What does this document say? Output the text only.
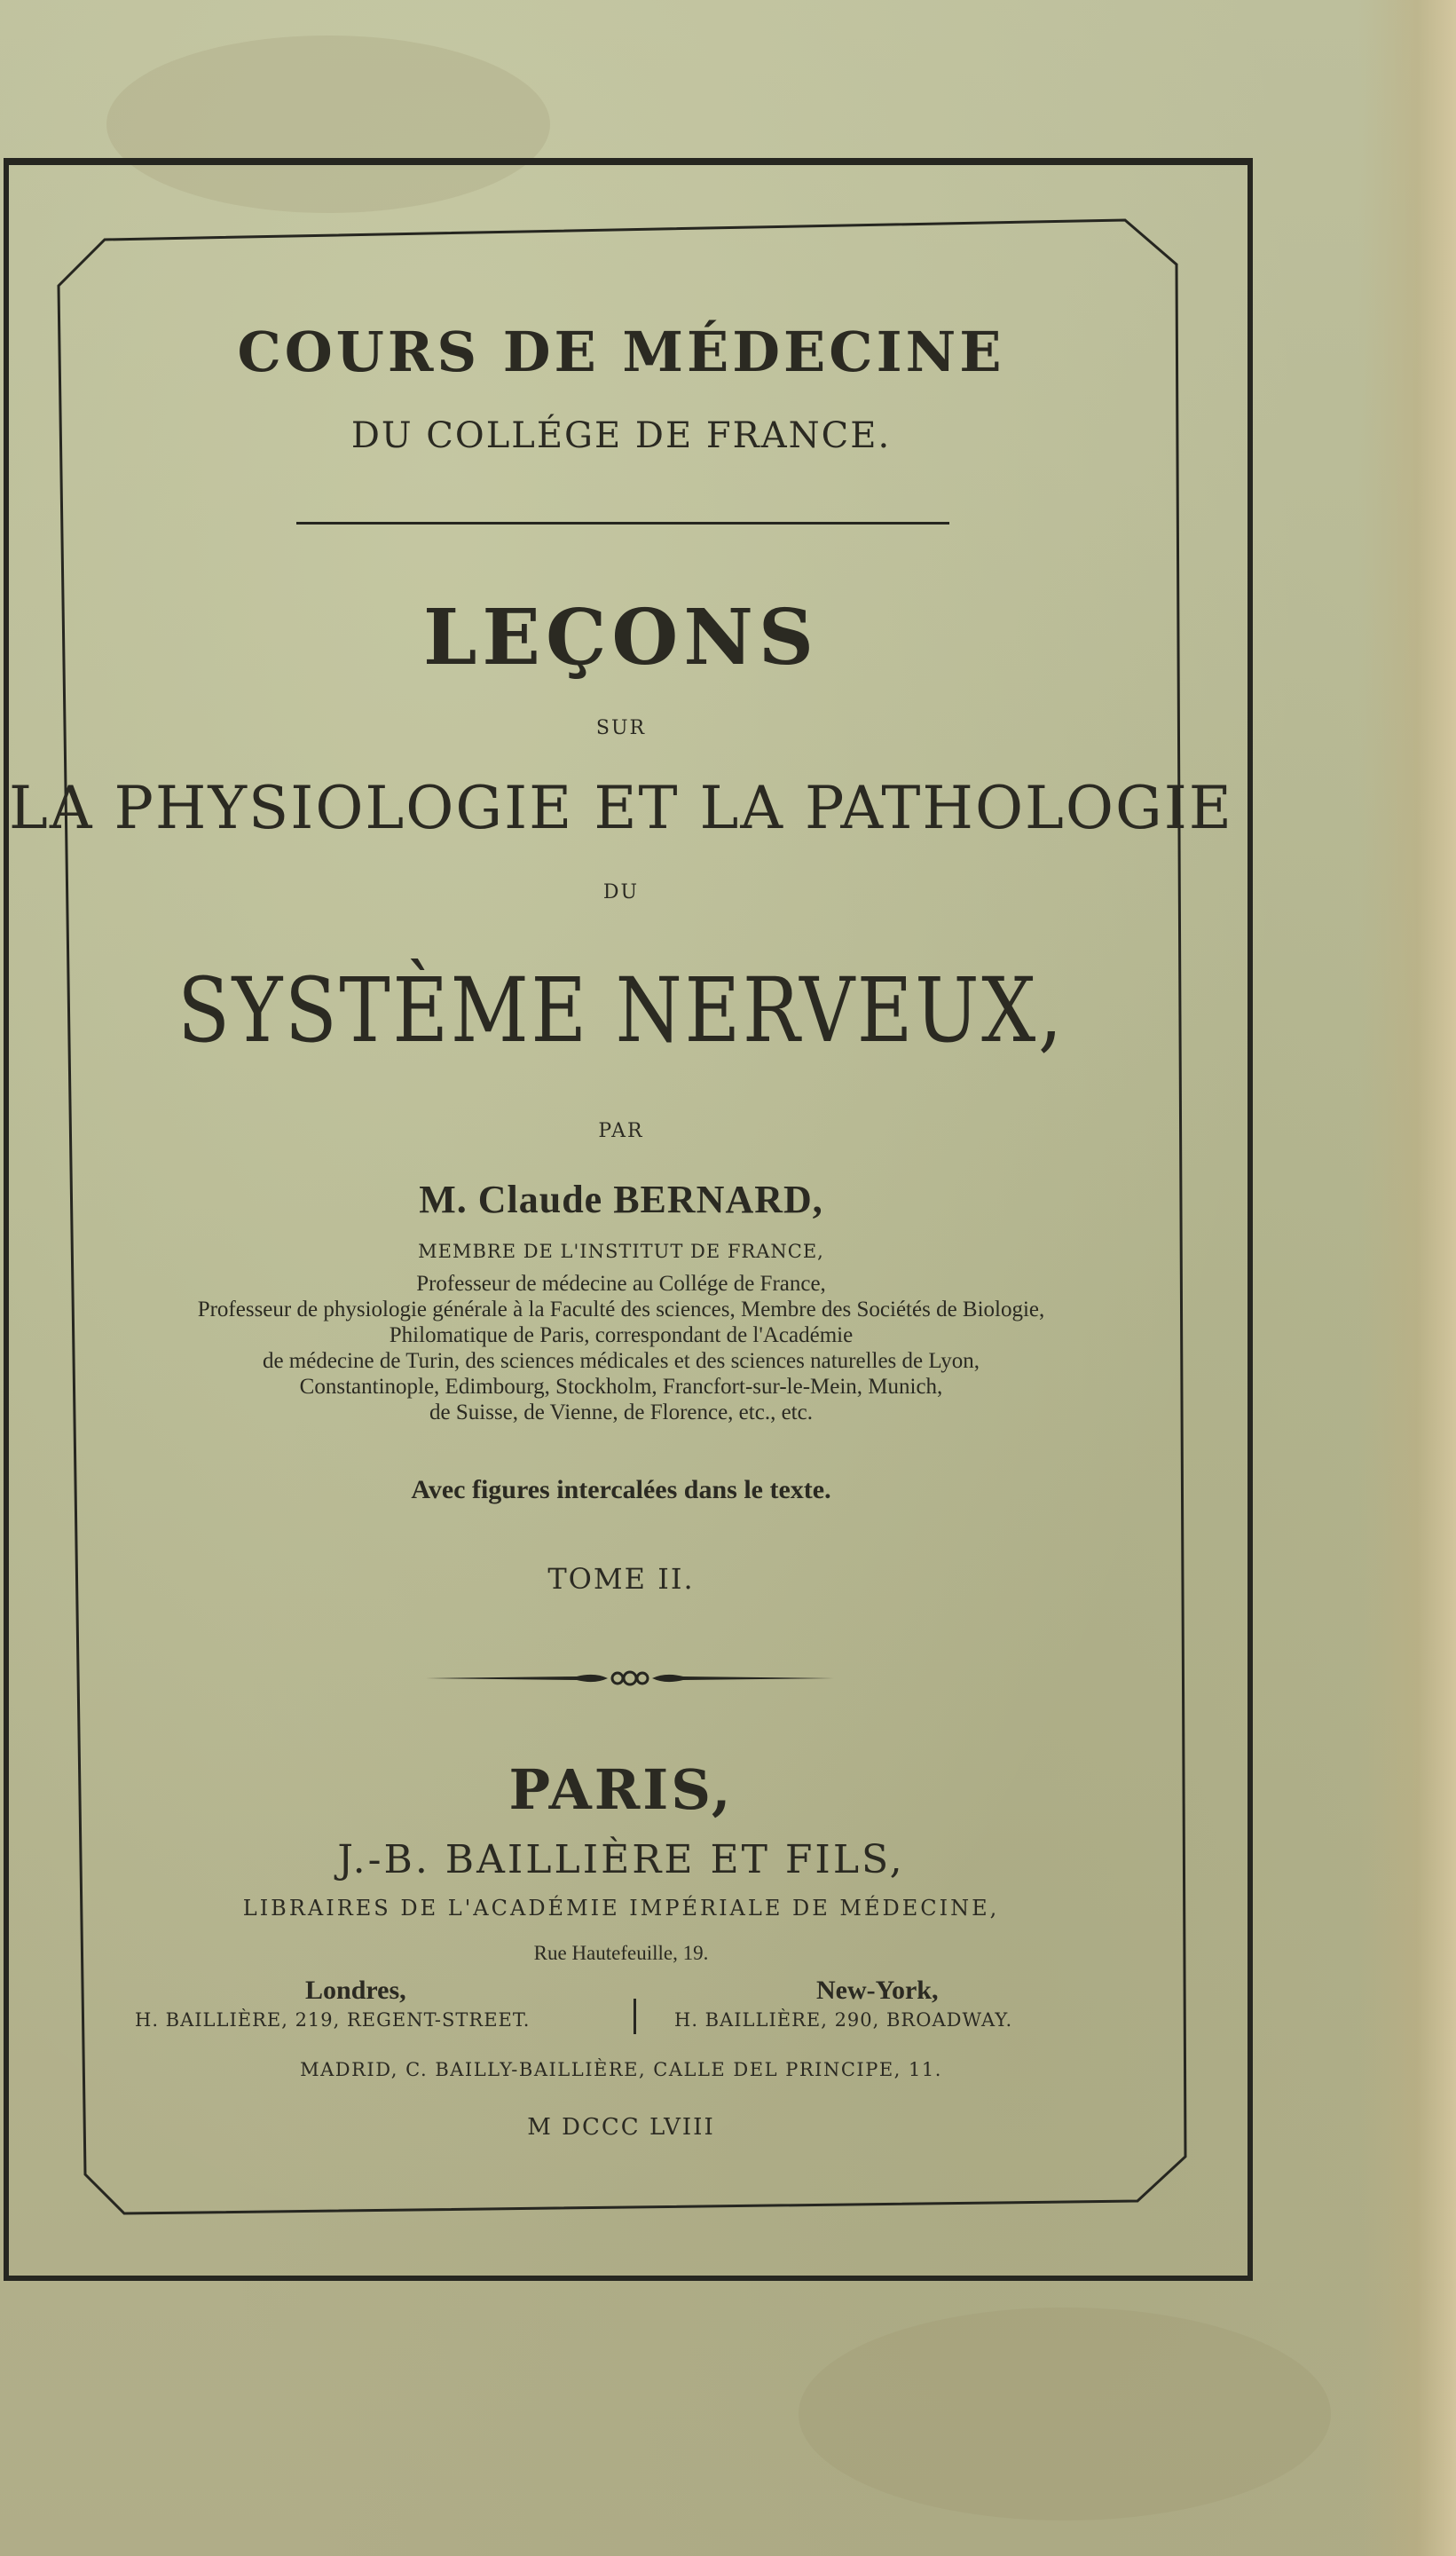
COURS DE MÉDECINE
DU COLLÉGE DE FRANCE.
LEÇONS
SUR
LA PHYSIOLOGIE ET LA PATHOLOGIE
DU
SYSTÈME NERVEUX,
PAR
M. Claude BERNARD,
MEMBRE DE L'INSTITUT DE FRANCE,
Professeur de médecine au Collége de France,
Professeur de physiologie générale à la Faculté des sciences, Membre des Sociétés de Biologie,
Philomatique de Paris, correspondant de l'Académie
de médecine de Turin, des sciences médicales et des sciences naturelles de Lyon,
Constantinople, Edimbourg, Stockholm, Francfort-sur-le-Mein, Munich,
de Suisse, de Vienne, de Florence, etc., etc.
Avec figures intercalées dans le texte.
TOME II.
PARIS,
J.-B. BAILLIÈRE ET FILS,
LIBRAIRES DE L'ACADÉMIE IMPÉRIALE DE MÉDECINE,
Rue Hautefeuille, 19.
Londres,	New-York,
H. BAILLIÈRE, 219, REGENT-STREET.	H. BAILLIÈRE, 290, BROADWAY.
MADRID, C. BAILLY-BAILLIÈRE, CALLE DEL PRINCIPE, 11.
M DCCC LVIII
